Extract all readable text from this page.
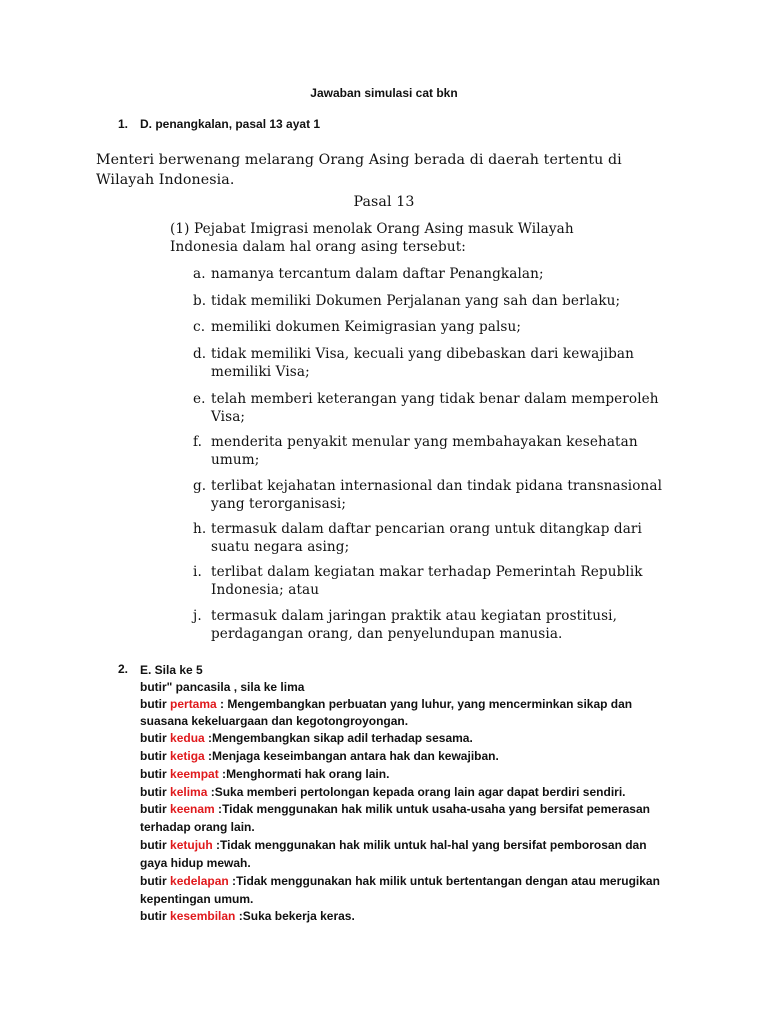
Jawaban simulasi cat bkn
1. D. penangkalan, pasal 13 ayat 1
Menteri berwenang melarang Orang Asing berada di daerah tertentu di Wilayah Indonesia.
Pasal 13
(1) Pejabat Imigrasi menolak Orang Asing masuk Wilayah Indonesia dalam hal orang asing tersebut:
a. namanya tercantum dalam daftar Penangkalan;
b. tidak memiliki Dokumen Perjalanan yang sah dan berlaku;
c. memiliki dokumen Keimigrasian yang palsu;
d. tidak memiliki Visa, kecuali yang dibebaskan dari kewajiban memiliki Visa;
e. telah memberi keterangan yang tidak benar dalam memperoleh Visa;
f. menderita penyakit menular yang membahayakan kesehatan umum;
g. terlibat kejahatan internasional dan tindak pidana transnasional yang terorganisasi;
h. termasuk dalam daftar pencarian orang untuk ditangkap dari suatu negara asing;
i. terlibat dalam kegiatan makar terhadap Pemerintah Republik Indonesia; atau
j. termasuk dalam jaringan praktik atau kegiatan prostitusi, perdagangan orang, dan penyelundupan manusia.
2. E. Sila ke 5
butir" pancasila , sila ke lima
butir pertama : Mengembangkan perbuatan yang luhur, yang mencerminkan sikap dan
suasana kekeluargaan dan kegotongroyongan.
butir kedua :Mengembangkan sikap adil terhadap sesama.
butir ketiga :Menjaga keseimbangan antara hak dan kewajiban.
butir keempat :Menghormati hak orang lain.
butir kelima :Suka memberi pertolongan kepada orang lain agar dapat berdiri sendiri.
butir keenam :Tidak menggunakan hak milik untuk usaha-usaha yang bersifat pemerasan
terhadap orang lain.
butir ketujuh :Tidak menggunakan hak milik untuk hal-hal yang bersifat pemborosan dan
gaya hidup mewah.
butir kedelapan :Tidak menggunakan hak milik untuk bertentangan dengan atau merugikan
kepentingan umum.
butir kesembilan :Suka bekerja keras.
